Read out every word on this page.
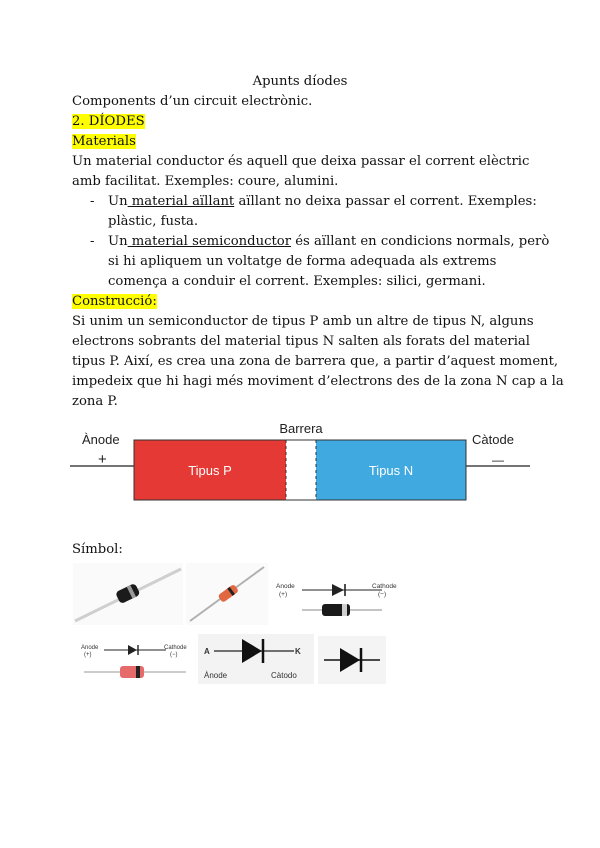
Apunts díodes
Components d’un circuit electrònic.
2. DÍODES
Materials
Un material conductor és aquell que deixa passar el corrent elèctric
amb facilitat. Exemples: coure, alumini.
- Un material aïllant aïllant no deixa passar el corrent. Exemples:
plàstic, fusta.
- Un material semiconductor és aïllant en condicions normals, però
si hi apliquem un voltatge de forma adequada als extrems
comença a conduir el corrent. Exemples: silici, germani.
Construcció:
Si unim un semiconductor de tipus P amb un altre de tipus N, alguns
electrons sobrants del material tipus N salten als forats del material
tipus P. Així, es crea una zona de barrera que, a partir d’aquest moment,
impedeix que hi hagi més moviment d’electrons des de la zona N cap a la
zona P.
Ànode
+
Barrera
Càtode
—
Tipus P	Tipus N
Símbol:
Anode
(+)
Cathode
(−)
Anode
(+)
Cathode
(−)	A	K
Ànode	Càtodo
